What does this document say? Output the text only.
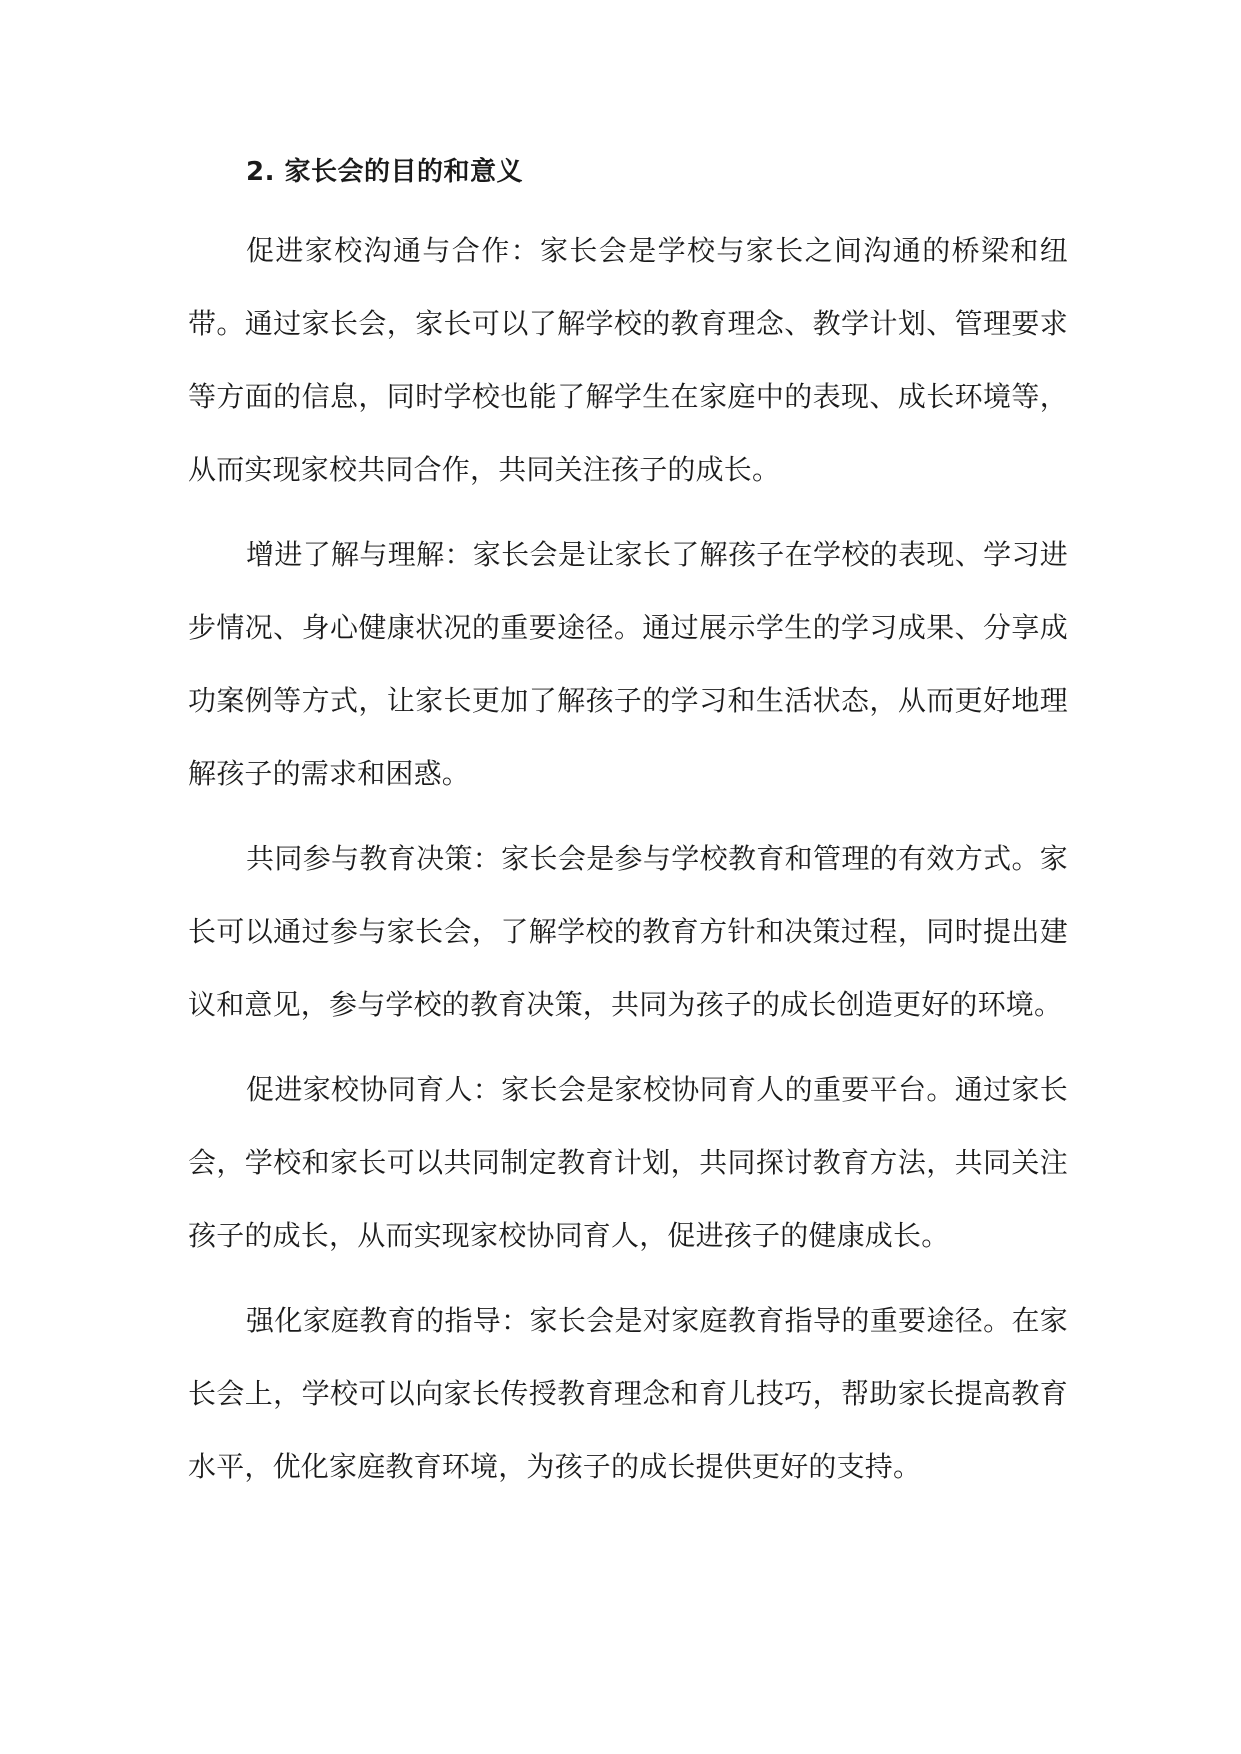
2. 家长会的目的和意义

促进家校沟通与合作：家长会是学校与家长之间沟通的桥梁和纽带。通过家长会，家长可以了解学校的教育理念、教学计划、管理要求等方面的信息，同时学校也能了解学生在家庭中的表现、成长环境等，从而实现家校共同合作，共同关注孩子的成长。

增进了解与理解：家长会是让家长了解孩子在学校的表现、学习进步情况、身心健康状况的重要途径。通过展示学生的学习成果、分享成功案例等方式，让家长更加了解孩子的学习和生活状态，从而更好地理解孩子的需求和困惑。

共同参与教育决策：家长会是参与学校教育和管理的有效方式。家长可以通过参与家长会，了解学校的教育方针和决策过程，同时提出建议和意见，参与学校的教育决策，共同为孩子的成长创造更好的环境。

促进家校协同育人：家长会是家校协同育人的重要平台。通过家长会，学校和家长可以共同制定教育计划，共同探讨教育方法，共同关注孩子的成长，从而实现家校协同育人，促进孩子的健康成长。

强化家庭教育的指导：家长会是对家庭教育指导的重要途径。在家长会上，学校可以向家长传授教育理念和育儿技巧，帮助家长提高教育水平，优化家庭教育环境，为孩子的成长提供更好的支持。
